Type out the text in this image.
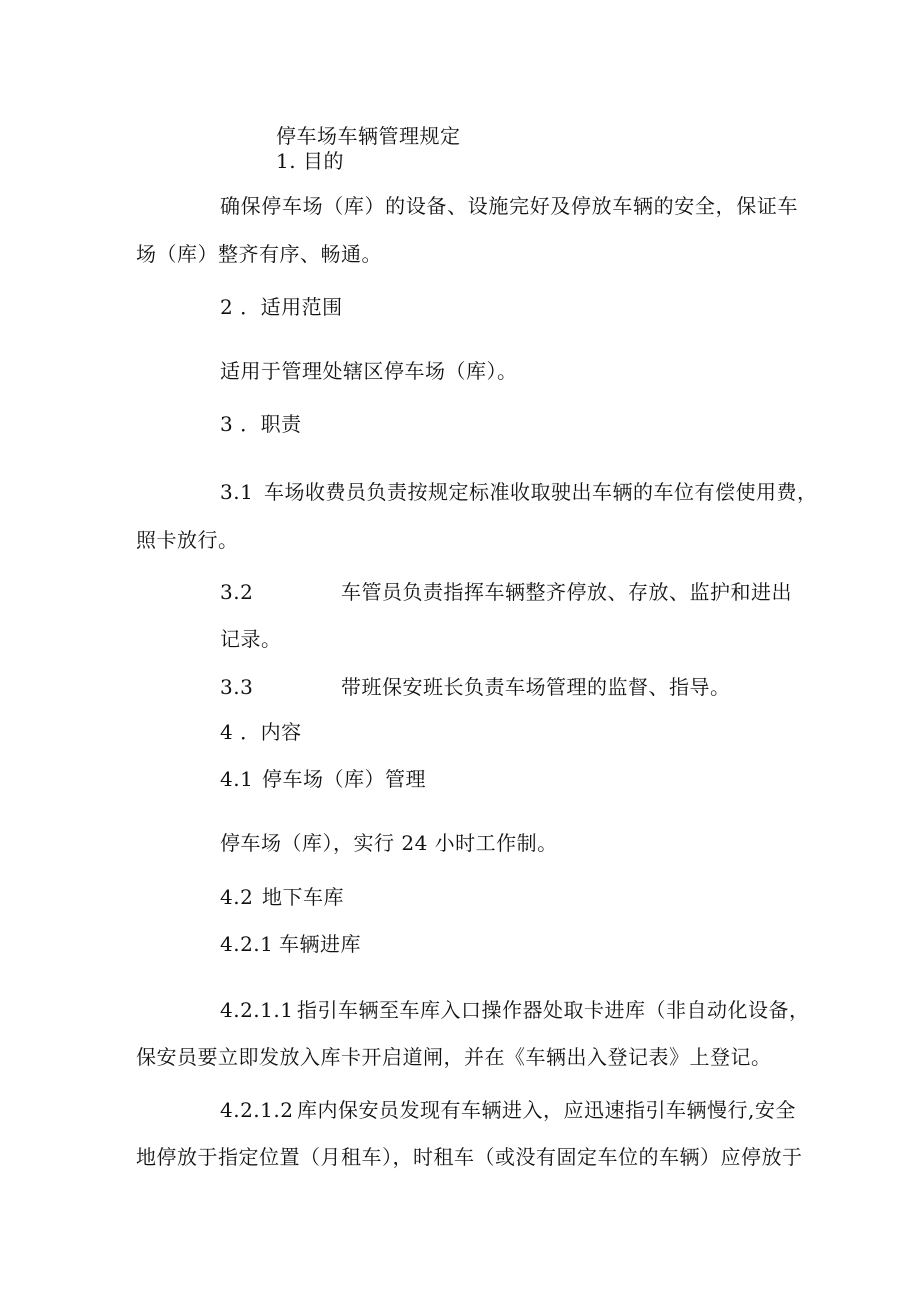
停车场车辆管理规定
1. 目的
确保停车场（库）的设备、设施完好及停放车辆的安全，保证车
场（库）整齐有序、畅通。
2 ．适用范围
适用于管理处辖区停车场（库）。
3 ．职责
3.1 车场收费员负责按规定标准收取驶出车辆的车位有偿使用费，
照卡放行。
3.2	车管员负责指挥车辆整齐停放、存放、监护和进出
记录。
3.3	带班保安班长负责车场管理的监督、指导。
4 ．内容
4.1 停车场（库）管理
停车场（库），实行 24 小时工作制。
4.2 地下车库
4.2.1 车辆进库
4.2.1.1 指引车辆至车库入口操作器处取卡进库（非自动化设备，
保安员要立即发放入库卡开启道闸，并在《车辆出入登记表》上登记。
4.2.1.2 库内保安员发现有车辆进入，应迅速指引车辆慢行,安全
地停放于指定位置（月租车），时租车（或没有固定车位的车辆）应停放于
